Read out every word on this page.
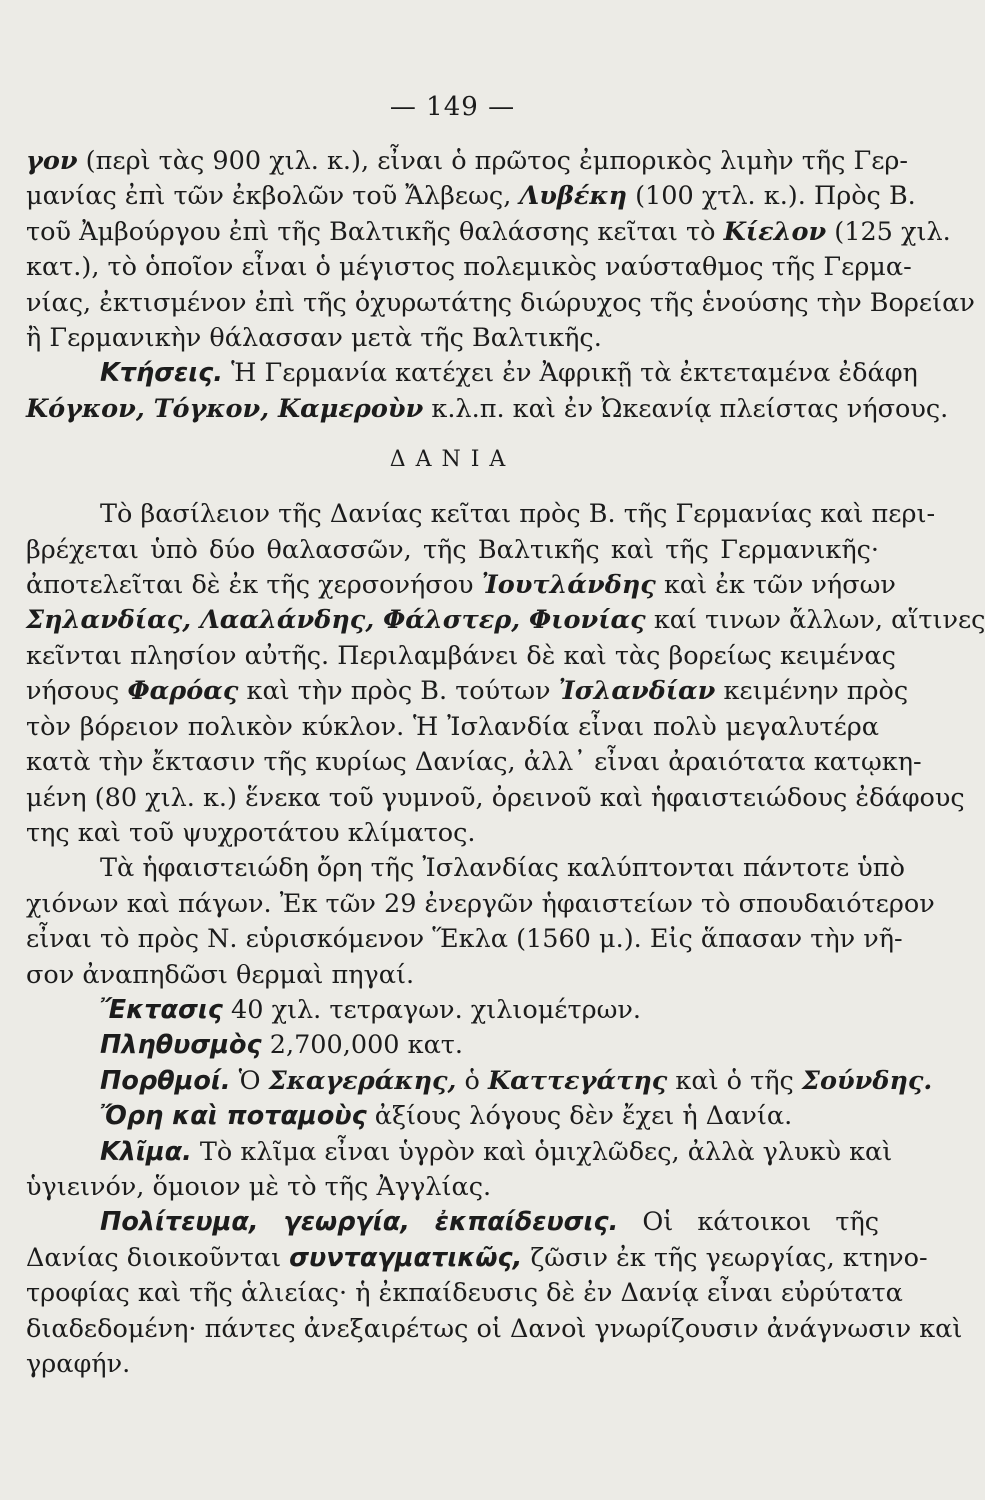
— 149 —
γον (περὶ τὰς 900 χιλ. κ.), εἶναι ὁ πρῶτος ἐμπορικὸς λιμὴν τῆς Γερ-
μανίας ἐπὶ τῶν ἐκβολῶν τοῦ Ἄλβεως, Λυβέκη (100 χτλ. κ.). Πρὸς Β.
τοῦ Ἀμβούργου ἐπὶ τῆς Βαλτικῆς θαλάσσης κεῖται τὸ Κίελον (125 χιλ.
κατ.), τὸ ὁποῖον εἶναι ὁ μέγιστος πολεμικὸς ναύσταθμος τῆς Γερμα-
νίας, ἐκτισμένον ἐπὶ τῆς ὀχυρωτάτης διώρυχος τῆς ἑνούσης τὴν Βορείαν
ἢ Γερμανικὴν θάλασσαν μετὰ τῆς Βαλτικῆς.
Κτήσεις. Ἡ Γερμανία κατέχει ἐν Ἀφρικῇ τὰ ἐκτεταμένα ἐδάφη
Κόγκον, Τόγκον, Καμεροὺν κ.λ.π. καὶ ἐν Ὠκεανίᾳ πλείστας νήσους.
ΔΑΝΙΑ
Τὸ βασίλειον τῆς Δανίας κεῖται πρὸς Β. τῆς Γερμανίας καὶ περι-
βρέχεται ὑπὸ δύο θαλασσῶν, τῆς Βαλτικῆς καὶ τῆς Γερμανικῆς·
ἀποτελεῖται δὲ ἐκ τῆς χερσονήσου Ἰουτλάνδης καὶ ἐκ τῶν νήσων
Σηλανδίας, Λααλάνδης, Φάλστερ, Φιονίας καί τινων ἄλλων, αἵτινες
κεῖνται πλησίον αὐτῆς. Περιλαμβάνει δὲ καὶ τὰς βορείως κειμένας
νήσους Φαρόας καὶ τὴν πρὸς Β. τούτων Ἰσλανδίαν κειμένην πρὸς
τὸν βόρειον πολικὸν κύκλον. Ἡ Ἰσλανδία εἶναι πολὺ μεγαλυτέρα
κατὰ τὴν ἔκτασιν τῆς κυρίως Δανίας, ἀλλ᾽ εἶναι ἀραιότατα κατῳκη-
μένη (80 χιλ. κ.) ἕνεκα τοῦ γυμνοῦ, ὀρεινοῦ καὶ ἡφαιστειώδους ἐδάφους
της καὶ τοῦ ψυχροτάτου κλίματος.
Τὰ ἡφαιστειώδη ὄρη τῆς Ἰσλανδίας καλύπτονται πάντοτε ὑπὸ
χιόνων καὶ πάγων. Ἐκ τῶν 29 ἐνεργῶν ἡφαιστείων τὸ σπουδαιότερον
εἶναι τὸ πρὸς Ν. εὑρισκόμενον Ἕκλα (1560 μ.). Εἰς ἅπασαν τὴν νῆ-
σον ἀναπηδῶσι θερμαὶ πηγαί.
Ἔκτασις 40 χιλ. τετραγων. χιλιομέτρων.
Πληθυσμὸς 2,700,000 κατ.
Πορθμοί. Ὁ Σκαγεράκης, ὁ Καττεγάτης καὶ ὁ τῆς Σούνδης.
Ὄρη καὶ ποταμοὺς ἀξίους λόγους δὲν ἔχει ἡ Δανία.
Κλῖμα. Τὸ κλῖμα εἶναι ὑγρὸν καὶ ὁμιχλῶδες, ἀλλὰ γλυκὺ καὶ
ὑγιεινόν, ὅμοιον μὲ τὸ τῆς Ἀγγλίας.
Πολίτευμα, γεωργία, ἐκπαίδευσις. Οἱ κάτοικοι τῆς
Δανίας διοικοῦνται συνταγματικῶς, ζῶσιν ἐκ τῆς γεωργίας, κτηνο-
τροφίας καὶ τῆς ἁλιείας· ἡ ἐκπαίδευσις δὲ ἐν Δανίᾳ εἶναι εὐρύτατα
διαδεδομένη· πάντες ἀνεξαιρέτως οἱ Δανοὶ γνωρίζουσιν ἀνάγνωσιν καὶ
γραφήν.
